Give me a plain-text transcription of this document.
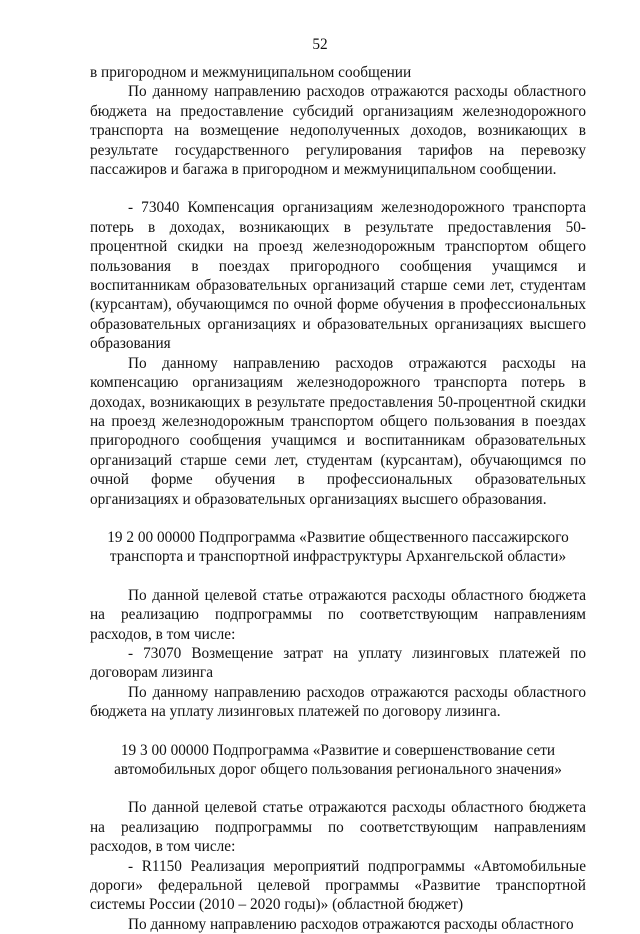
52

в пригородном и межмуниципальном сообщении

По данному направлению расходов отражаются расходы областного бюджета на предоставление субсидий организациям железнодорожного транспорта на возмещение недополученных доходов, возникающих в результате государственного регулирования тарифов на перевозку пассажиров и багажа в пригородном и межмуниципальном сообщении.

- 73040 Компенсация организациям железнодорожного транспорта потерь в доходах, возникающих в результате предоставления 50-процентной скидки на проезд железнодорожным транспортом общего пользования в поездах пригородного сообщения учащимся и воспитанникам образовательных организаций старше семи лет, студентам (курсантам), обучающимся по очной форме обучения в профессиональных образовательных организациях и образовательных организациях высшего образования

По данному направлению расходов отражаются расходы на компенсацию организациям железнодорожного транспорта потерь в доходах, возникающих в результате предоставления 50-процентной скидки на проезд железнодорожным транспортом общего пользования в поездах пригородного сообщения учащимся и воспитанникам образовательных организаций старше семи лет, студентам (курсантам), обучающимся по очной форме обучения в профессиональных образовательных организациях и образовательных организациях высшего образования.

19 2 00 00000 Подпрограмма «Развитие общественного пассажирского транспорта и транспортной инфраструктуры Архангельской области»

По данной целевой статье отражаются расходы областного бюджета на реализацию подпрограммы по соответствующим направлениям расходов, в том числе:

- 73070 Возмещение затрат на уплату лизинговых платежей по договорам лизинга

По данному направлению расходов отражаются расходы областного бюджета на уплату лизинговых платежей по договору лизинга.

19 3 00 00000 Подпрограмма «Развитие и совершенствование сети автомобильных дорог общего пользования регионального значения»

По данной целевой статье отражаются расходы областного бюджета на реализацию подпрограммы по соответствующим направлениям расходов, в том числе:

- R1150 Реализация мероприятий подпрограммы «Автомобильные дороги» федеральной целевой программы «Развитие транспортной системы России (2010 – 2020 годы)» (областной бюджет)

По данному направлению расходов отражаются расходы областного
